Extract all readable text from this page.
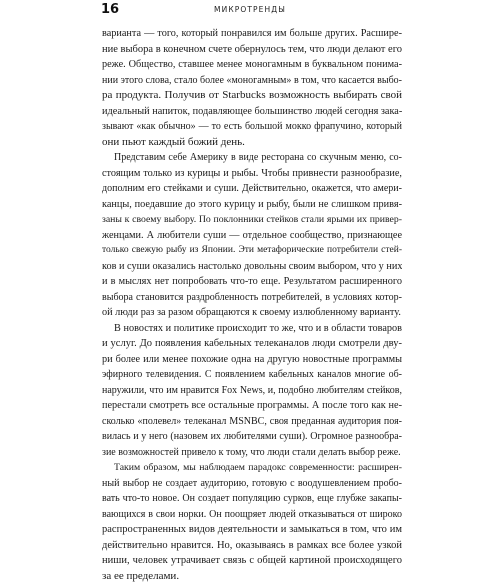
16	МИКРОТРЕНДЫ
варианта — того, который понравился им больше других. Расшире-
ние выбора в конечном счете обернулось тем, что люди делают его
реже. Общество, ставшее менее моногамным в буквальном понима-
нии этого слова, стало более «моногамным» в том, что касается выбо-
ра продукта. Получив от Starbucks возможность выбирать свой
идеальный напиток, подавляющее большинство людей сегодня зака-
зывают «как обычно» — то есть большой мокко фрапучино, который
они пьют каждый божий день.
Представим себе Америку в виде ресторана со скучным меню, со-
стоящим только из курицы и рыбы. Чтобы привнести разнообразие,
дополним его стейками и суши. Действительно, окажется, что амери-
канцы, поедавшие до этого курицу и рыбу, были не слишком привя-
заны к своему выбору. По поклонники стейков стали ярыми их привер-
женцами. А любители суши — отдельное сообщество, признающее
только свежую рыбу из Японии. Эти метафорические потребители стей-
ков и суши оказались настолько довольны своим выбором, что у них
и в мыслях нет попробовать что-то еще. Результатом расширенного
выбора становится раздробленность потребителей, в условиях котор-
ой люди раз за разом обращаются к своему излюбленному варианту.
В новостях и политике происходит то же, что и в области товаров
и услуг. До появления кабельных телеканалов люди смотрели дву-
ри более или менее похожие одна на другую новостные программы
эфирного телевидения. С появлением кабельных каналов многие об-
наружили, что им нравится Fox News, и, подобно любителям стейков,
перестали смотреть все остальные программы. А после того как не-
сколько «полевел» телеканал MSNBC, своя преданная аудитория поя-
вилась и у него (назовем их любителями суши). Огромное разнообра-
зие возможностей привело к тому, что люди стали делать выбор реже.
Таким образом, мы наблюдаем парадокс современности: расширен-
ный выбор не создает аудиторию, готовую с воодушевлением пробо-
вать что-то новое. Он создает популяцию сурков, еще глубже закапы-
вающихся в свои норки. Он поощряет людей отказываться от широко
распространенных видов деятельности и замыкаться в том, что им
действительно нравится. Но, оказываясь в рамках все более узкой
ниши, человек утрачивает связь с общей картиной происходящего
за ее пределами.
